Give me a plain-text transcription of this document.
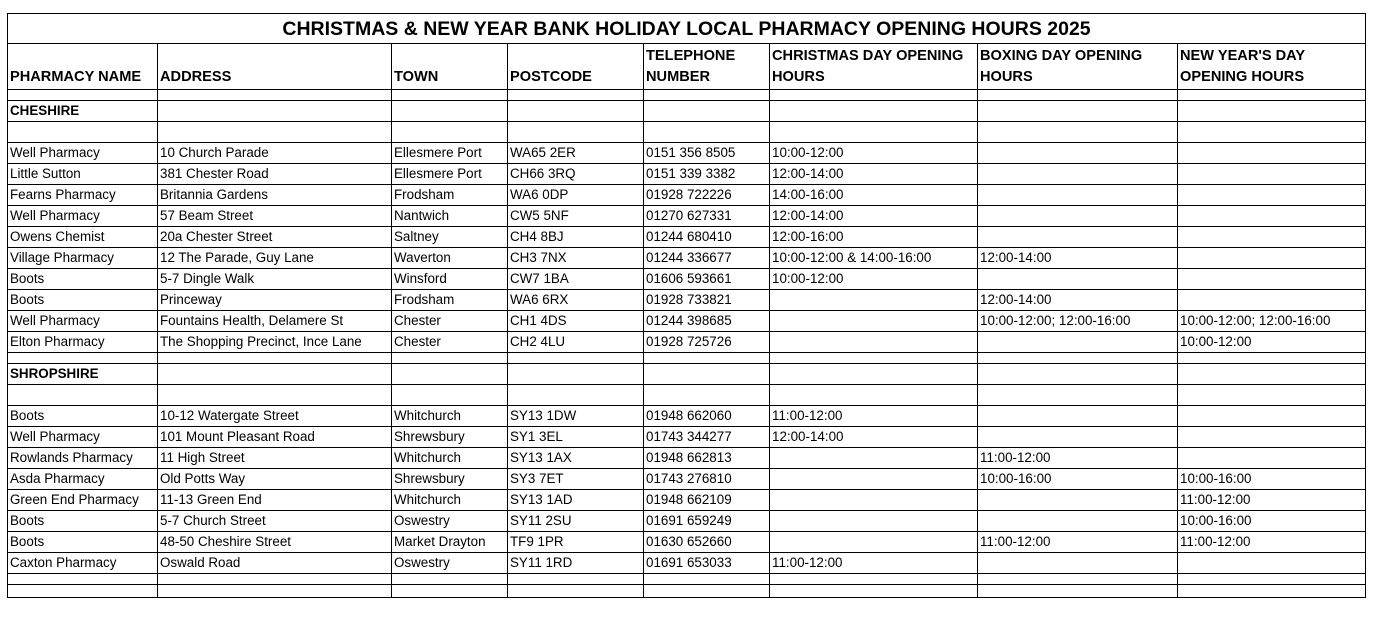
CHRISTMAS & NEW YEAR BANK HOLIDAY LOCAL PHARMACY OPENING HOURS 2025							
PHARMACY NAME	ADDRESS	TOWN	POSTCODE	TELEPHONE NUMBER	CHRISTMAS DAY OPENING HOURS	BOXING DAY OPENING HOURS	NEW YEAR'S DAY OPENING HOURS

CHESHIRE							

Well Pharmacy	10 Church Parade	Ellesmere Port	WA65 2ER	0151 356 8505	10:00-12:00		
Little Sutton	381 Chester Road	Ellesmere Port	CH66 3RQ	0151 339 3382	12:00-14:00		
Fearns Pharmacy	Britannia Gardens	Frodsham	WA6 0DP	01928 722226	14:00-16:00		
Well Pharmacy	57 Beam Street	Nantwich	CW5 5NF	01270 627331	12:00-14:00		
Owens Chemist	20a Chester Street	Saltney	CH4 8BJ	01244 680410	12:00-16:00		
Village Pharmacy	12 The Parade, Guy Lane	Waverton	CH3 7NX	01244 336677	10:00-12:00 & 14:00-16:00	12:00-14:00	
Boots	5-7 Dingle Walk	Winsford	CW7 1BA	01606 593661	10:00-12:00		
Boots	Princeway	Frodsham	WA6 6RX	01928 733821		12:00-14:00	
Well Pharmacy	Fountains Health, Delamere St	Chester	CH1 4DS	01244 398685		10:00-12:00; 12:00-16:00	10:00-12:00; 12:00-16:00
Elton Pharmacy	The Shopping Precinct, Ince Lane	Chester	CH2 4LU	01928 725726			10:00-12:00

SHROPSHIRE							

Boots	10-12 Watergate Street	Whitchurch	SY13 1DW	01948 662060	11:00-12:00		
Well Pharmacy	101 Mount Pleasant Road	Shrewsbury	SY1 3EL	01743 344277	12:00-14:00		
Rowlands Pharmacy	11 High Street	Whitchurch	SY13 1AX	01948 662813		11:00-12:00	
Asda Pharmacy	Old Potts Way	Shrewsbury	SY3 7ET	01743 276810		10:00-16:00	10:00-16:00
Green End Pharmacy	11-13 Green End	Whitchurch	SY13 1AD	01948 662109			11:00-12:00
Boots	5-7 Church Street	Oswestry	SY11 2SU	01691 659249			10:00-16:00
Boots	48-50 Cheshire Street	Market Drayton	TF9 1PR	01630 652660		11:00-12:00	11:00-12:00
Caxton Pharmacy	Oswald Road	Oswestry	SY11 1RD	01691 653033	11:00-12:00		
